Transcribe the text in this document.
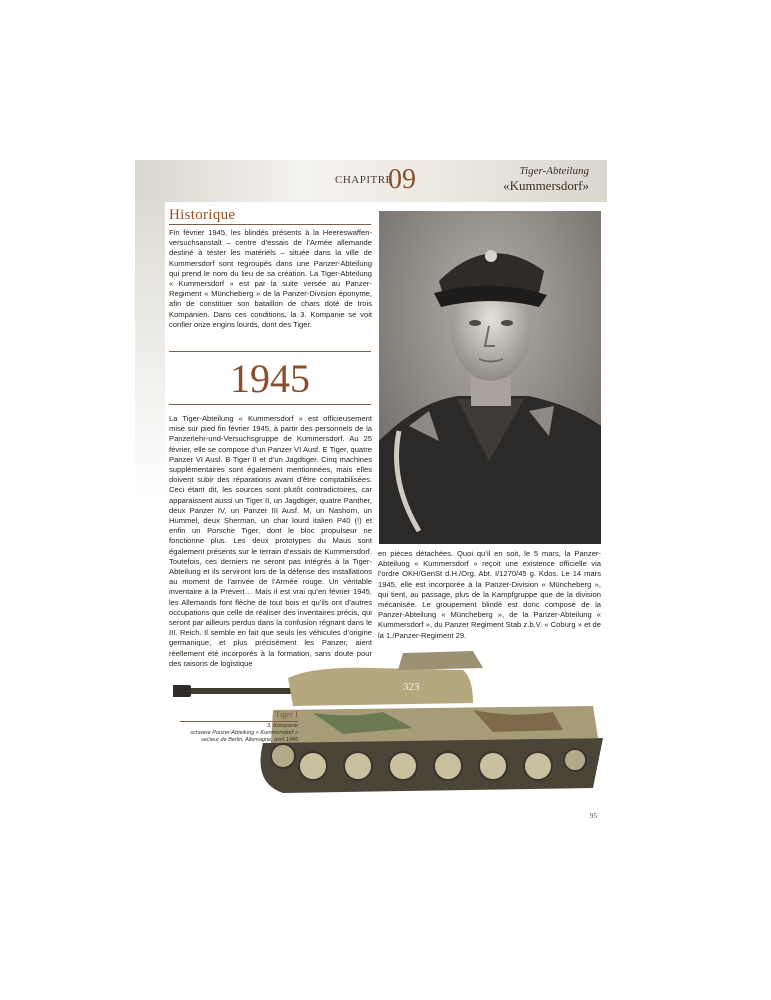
CHAPITRE
09	Tiger-Abteilung
«Kummersdorf»
Historique

Fin février 1945, les blindés présents à la Heereswaffen-versuchsanstalt – centre d’essais de l’Armée allemande destiné à tester les matériels – située dans la ville de Kummersdorf sont regroupés dans une Panzer-Abteilung qui prend le nom du lieu de sa création. La Tiger-Abteilung « Kummersdorf » est par la suite versée au Panzer-Regiment « Müncheberg » de la Panzer-Division éponyme, afin de constituer son bataillon de chars doté de trois Kompanien. Dans ces conditions, la 3. Kompanie se voit confier onze engins lourds, dont des Tiger.

1945

La Tiger-Abteilung « Kummersdorf » est officieusement mise sur pied fin février 1945, à partir des personnels de la Panzerlehr-und-Versuchsgruppe de Kummersdorf. Au 25 février, elle se compose d’un Panzer VI Ausf. E Tiger, quatre Panzer VI Ausf. B Tiger II et d’un Jagdtiger. Cinq machines supplémentaires sont également mentionnées, mais elles doivent subir des réparations avant d’être comptabilisées. Ceci étant dit, les sources sont plutôt contradictoires, car apparaissent aussi un Tiger II, un Jagdtiger, quatre Panther, deux Panzer IV, un Panzer III Ausf. M, un Nashorn, un Hummel, deux Sherman, un char lourd italien P40 (!) et enfin un Porsche Tiger, dont le bloc propulseur ne fonctionne plus. Les deux prototypes du Maus sont également présents sur le terrain d’essais de Kummersdorf. Toutefois, ces derniers ne seront pas intégrés à la Tiger-Abteilung et ils serviront lors de la défense des installations au moment de l’arrivée de l’Armée rouge. Un véritable inventaire à la Prévert… Mais il est vrai qu’en février 1945, les Allemands font flèche de tout bois et qu’ils ont d’autres occupations que celle de réaliser des inventaires précis, qui seront par ailleurs perdus dans la confusion régnant dans le III. Reich. Il semble en fait que seuls les véhicules d’origine germanique, et plus précisément les Panzer, aient réellement été incorporés à la formation, sans doute pour des raisons de logistique

en pièces détachées. Quoi qu’il en soit, le 5 mars, la Panzer-Abteilung « Kummersdorf » reçoit une existence officielle via l’ordre OKH/GenSt d.H./Org. Abt. I/1270/45 g. Kdos. Le 14 mars 1945, elle est incorporée à la Panzer-Division « Müncheberg », qui tient, au passage, plus de la Kampfgruppe que de la division mécanisée. Le groupement blindé est donc composé de la Panzer-Abteilung « Müncheberg », de la Panzer-Abteilung « Kummersdorf », du Panzer Regiment Stab z.b.V. « Coburg » et de la 1./Panzer-Regiment 29.

323
Tiger I
3. Kompanie
schwere Panzer-Abteilung « Kummersdorf »
secteur de Berlin, Allemagne, avril 1945
95
